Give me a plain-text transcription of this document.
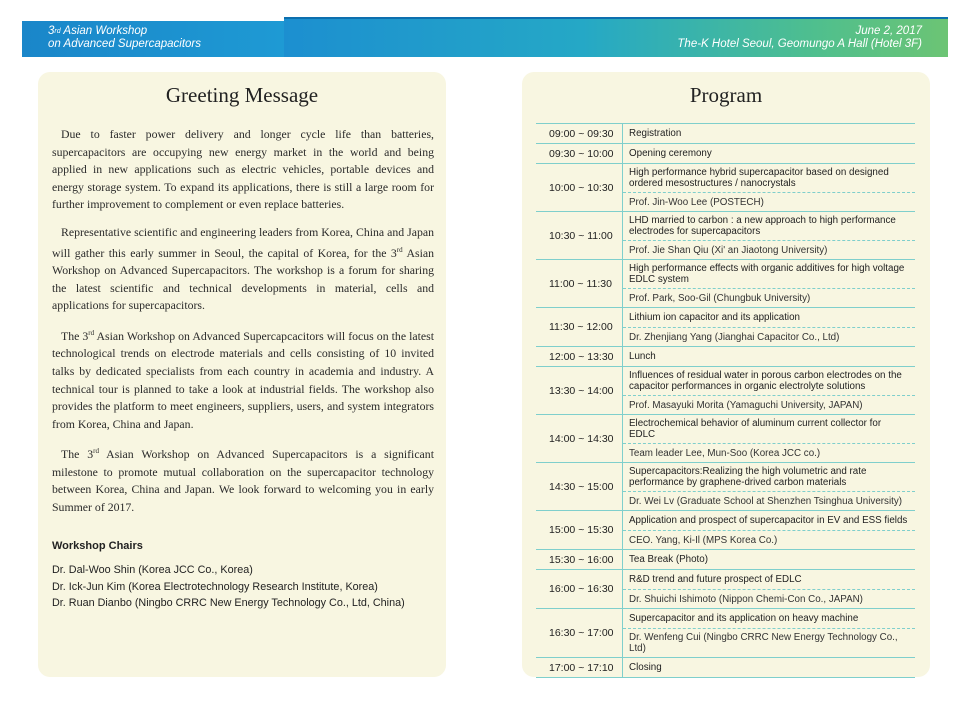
3rd Asian Workshop
on Advanced Supercapacitors
June 2, 2017
The-K Hotel Seoul, Geomungo A Hall (Hotel 3F)
Greeting Message

Due to faster power delivery and longer cycle life than batteries, supercapacitors are occupying new energy market in the world and being applied in new applications such as electric vehicles, portable devices and energy storage system. To expand its applications, there is still a large room for further improvement to complement or even replace batteries.

Representative scientific and engineering leaders from Korea, China and Japan will gather this early summer in Seoul, the capital of Korea, for the 3rd Asian Workshop on Advanced Supercapacitors. The workshop is a forum for sharing the latest scientific and technical developments in material, cells and applications for supercapacitors.

The 3rd Asian Workshop on Advanced Supercapcacitors will focus on the latest technological trends on electrode materials and cells consisting of 10 invited talks by dedicated specialists from each country in academia and industry. A technical tour is planned to take a look at industrial fields. The workshop also provides the platform to meet engineers, suppliers, users, and system integrators from Korea, China and Japan.

The 3rd Asian Workshop on Advanced Supercapacitors is a significant milestone to promote mutual collaboration on the supercapacitor technology between Korea, China and Japan. We look forward to welcoming you in early Summer of 2017.

Workshop Chairs
Dr. Dal-Woo Shin (Korea JCC Co., Korea)
Dr. Ick-Jun Kim (Korea Electrotechnology Research Institute, Korea)
Dr. Ruan Dianbo (Ningbo CRRC New Energy Technology Co., Ltd, China)
Program
09:00 ~ 09:30	Registration
09:30 ~ 10:00	Opening ceremony
10:00 ~ 10:30
High performance hybrid supercapacitor based on designed ordered mesostructures / nanocrystals
Prof. Jin-Woo Lee (POSTECH)
10:30 ~ 11:00
LHD married to carbon : a new approach to high performance electrodes for supercapacitors
Prof. Jie Shan Qiu (Xi' an Jiaotong University)
11:00 ~ 11:30
High performance effects with organic additives for high voltage EDLC system
Prof. Park, Soo-Gil (Chungbuk University)
11:30 ~ 12:00
Lithium ion capacitor and its application
Dr. Zhenjiang Yang (Jianghai Capacitor Co., Ltd)
12:00 ~ 13:30	Lunch
13:30 ~ 14:00
Influences of residual water in porous carbon electrodes on the capacitor performances in organic electrolyte solutions
Prof. Masayuki Morita (Yamaguchi University, JAPAN)
14:00 ~ 14:30
Electrochemical behavior of aluminum current collector for EDLC
Team leader Lee, Mun-Soo (Korea JCC co.)
14:30 ~ 15:00
Supercapacitors:Realizing the high volumetric and rate performance by graphene-drived carbon materials
Dr. Wei Lv (Graduate School at Shenzhen Tsinghua University)
15:00 ~ 15:30
Application and prospect of supercapacitor in EV and ESS fields
CEO. Yang, Ki-Il (MPS Korea Co.)
15:30 ~ 16:00	Tea Break (Photo)
16:00 ~ 16:30
R&D trend and future prospect of EDLC
Dr. Shuichi Ishimoto (Nippon Chemi-Con Co., JAPAN)
16:30 ~ 17:00
Supercapacitor and its application on heavy machine
Dr. Wenfeng Cui (Ningbo CRRC New Energy Technology Co., Ltd)
17:00 ~ 17:10	Closing
